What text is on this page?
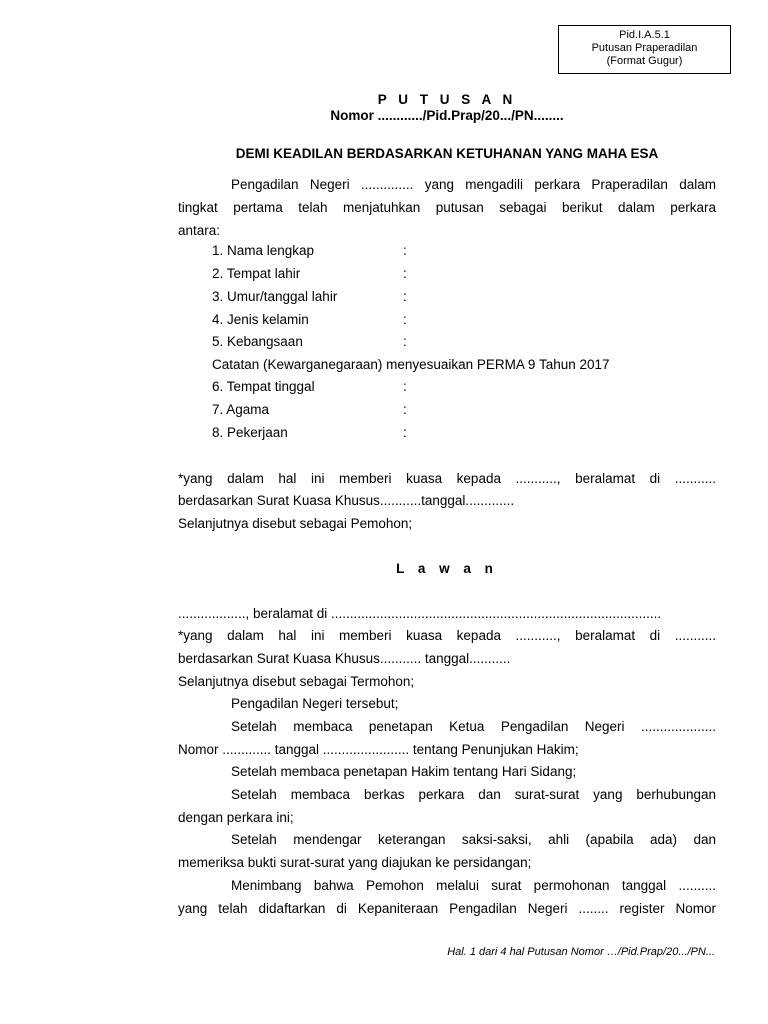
Pid.I.A.5.1
Putusan Praperadilan
(Format Gugur)
P U T U S A N
Nomor ............/Pid.Prap/20.../PN........
DEMI KEADILAN BERDASARKAN KETUHANAN YANG MAHA ESA
Pengadilan Negeri .............. yang mengadili perkara Praperadilan dalam
tingkat pertama telah menjatuhkan putusan sebagai berikut dalam perkara
antara:
1. Nama lengkap	:
2. Tempat lahir	:
3. Umur/tanggal lahir	:
4. Jenis kelamin	:
5. Kebangsaan	:
Catatan (Kewarganegaraan) menyesuaikan PERMA 9 Tahun 2017
6. Tempat tinggal	:
7. Agama	:
8. Pekerjaan	:
*yang dalam hal ini memberi kuasa kepada ..........., beralamat di ...........
berdasarkan Surat Kuasa Khusus...........tanggal.............
Selanjutnya disebut sebagai Pemohon;
L a w a n
.................., beralamat di ........................................................................................
*yang dalam hal ini memberi kuasa kepada ..........., beralamat di ...........
berdasarkan Surat Kuasa Khusus........... tanggal...........
Selanjutnya disebut sebagai Termohon;
Pengadilan Negeri tersebut;
Setelah membaca penetapan Ketua Pengadilan Negeri ....................
Nomor ............. tanggal ....................... tentang Penunjukan Hakim;
Setelah membaca penetapan Hakim tentang Hari Sidang;
Setelah membaca berkas perkara dan surat-surat yang berhubungan
dengan perkara ini;
Setelah mendengar keterangan saksi-saksi, ahli (apabila ada) dan
memeriksa bukti surat-surat yang diajukan ke persidangan;
Menimbang bahwa Pemohon melalui surat permohonan tanggal ..........
yang telah didaftarkan di Kepaniteraan Pengadilan Negeri ........ register Nomor
Hal. 1 dari 4 hal Putusan Nomor …/Pid.Prap/20.../PN...
